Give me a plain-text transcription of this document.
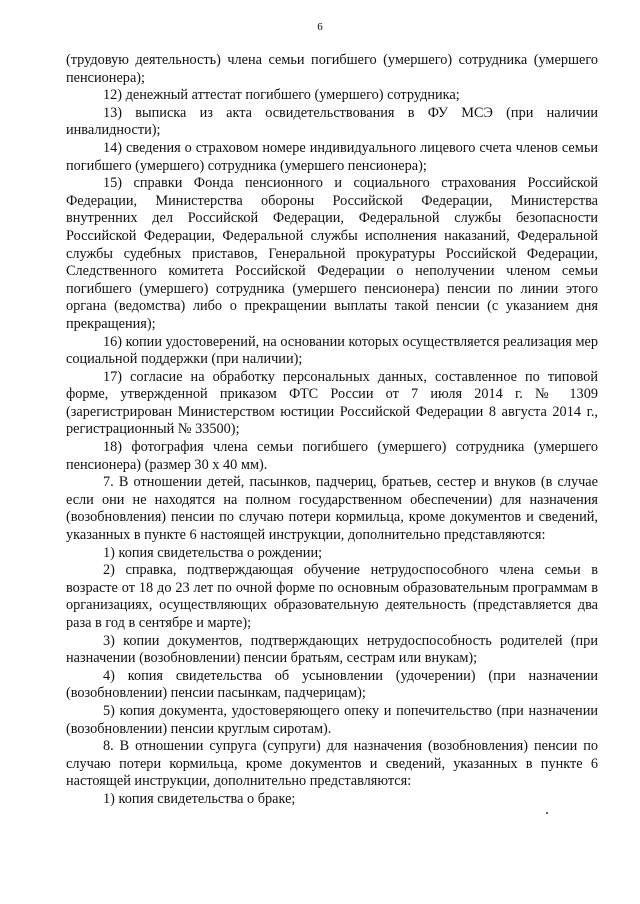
6

(трудовую деятельность) члена семьи погибшего (умершего) сотрудника (умершего пенсионера);

12) денежный аттестат погибшего (умершего) сотрудника;

13) выписка из акта освидетельствования в ФУ МСЭ (при наличии инвалидности);

14) сведения о страховом номере индивидуального лицевого счета членов семьи погибшего (умершего) сотрудника (умершего пенсионера);

15) справки Фонда пенсионного и социального страхования Российской Федерации, Министерства обороны Российской Федерации, Министерства внутренних дел Российской Федерации, Федеральной службы безопасности Российской Федерации, Федеральной службы исполнения наказаний, Федеральной службы судебных приставов, Генеральной прокуратуры Российской Федерации, Следственного комитета Российской Федерации о неполучении членом семьи погибшего (умершего) сотрудника (умершего пенсионера) пенсии по линии этого органа (ведомства) либо о прекращении выплаты такой пенсии (с указанием дня прекращения);

16) копии удостоверений, на основании которых осуществляется реализация мер социальной поддержки (при наличии);

17) согласие на обработку персональных данных, составленное по типовой форме, утвержденной приказом ФТС России от 7 июля 2014 г. № 1309 (зарегистрирован Министерством юстиции Российской Федерации 8 августа 2014 г., регистрационный № 33500);

18) фотография члена семьи погибшего (умершего) сотрудника (умершего пенсионера) (размер 30 х 40 мм).

7. В отношении детей, пасынков, падчериц, братьев, сестер и внуков (в случае если они не находятся на полном государственном обеспечении) для назначения (возобновления) пенсии по случаю потери кормильца, кроме документов и сведений, указанных в пункте 6 настоящей инструкции, дополнительно представляются:

1) копия свидетельства о рождении;

2) справка, подтверждающая обучение нетрудоспособного члена семьи в возрасте от 18 до 23 лет по очной форме по основным образовательным программам в организациях, осуществляющих образовательную деятельность (представляется два раза в год в сентябре и марте);

3) копии документов, подтверждающих нетрудоспособность родителей (при назначении (возобновлении) пенсии братьям, сестрам или внукам);

4) копия свидетельства об усыновлении (удочерении) (при назначении (возобновлении) пенсии пасынкам, падчерицам);

5) копия документа, удостоверяющего опеку и попечительство (при назначении (возобновлении) пенсии круглым сиротам).

8. В отношении супруга (супруги) для назначения (возобновления) пенсии по случаю потери кормильца, кроме документов и сведений, указанных в пункте 6 настоящей инструкции, дополнительно представляются:

1) копия свидетельства о браке;
